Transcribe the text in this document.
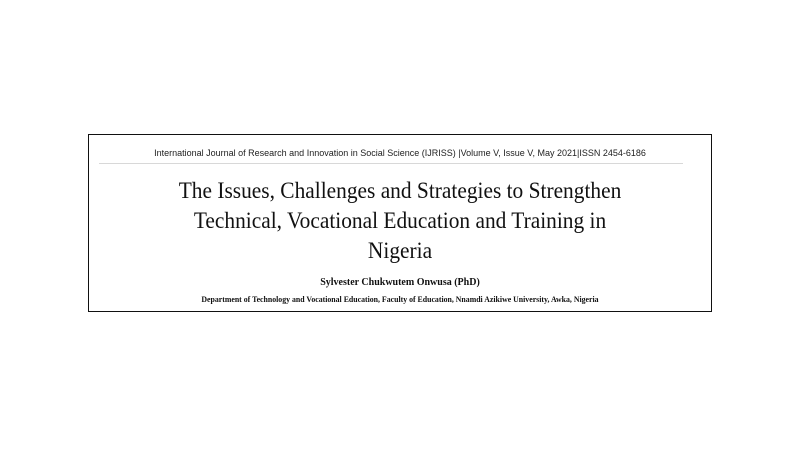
International Journal of Research and Innovation in Social Science (IJRISS) |Volume V, Issue V, May 2021|ISSN 2454-6186
The Issues, Challenges and Strategies to Strengthen
Technical, Vocational Education and Training in
Nigeria
Sylvester Chukwutem Onwusa (PhD)
Department of Technology and Vocational Education, Faculty of Education, Nnamdi Azikiwe University, Awka, Nigeria
